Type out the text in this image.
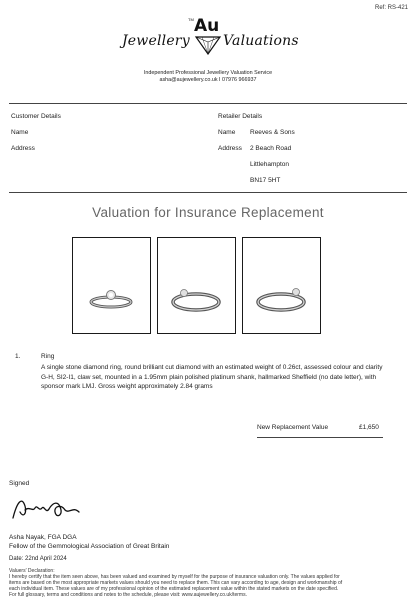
Ref: RS-421
Jewellery
TM Au
Valuations
Independent Professional Jewellery Valuation Service
asha@aujewellery.co.uk I 07976 966937
Customer Details
Name
Address
Retailer Details
Name Reeves & Sons
Address 2 Beach Road
Littlehampton
BN17 5HT
Valuation for Insurance Replacement
1.	Ring
A single stone diamond ring, round brilliant cut diamond with an estimated weight of 0.26ct, assessed colour and clarity G-H, SI2-I1, claw set, mounted in a 1.95mm plain polished platinum shank, hallmarked Sheffield (no date letter), with sponsor mark LMJ. Gross weight approximately 2.84 grams
New Replacement Value	£1,650
Signed
Asha Nayak, FGA DGA
Fellow of the Gemmological Association of Great Britain
Date: 22nd April 2024
Valuers' Declaration:
I hereby certify that the item seen above, has been valued and examined by myself for the purpose of insurance valuation only. The values applied for
items are based on the most appropriate markets values should you need to replace them. This can vary according to age, design and workmanship of
each individual item. These values are of my professional opinion of the estimated replacement value within the stated markets on the date specified.
For full glossary, terms and conditions and notes to the schedule, please visit: www.aujewellery.co.uk/terms.
